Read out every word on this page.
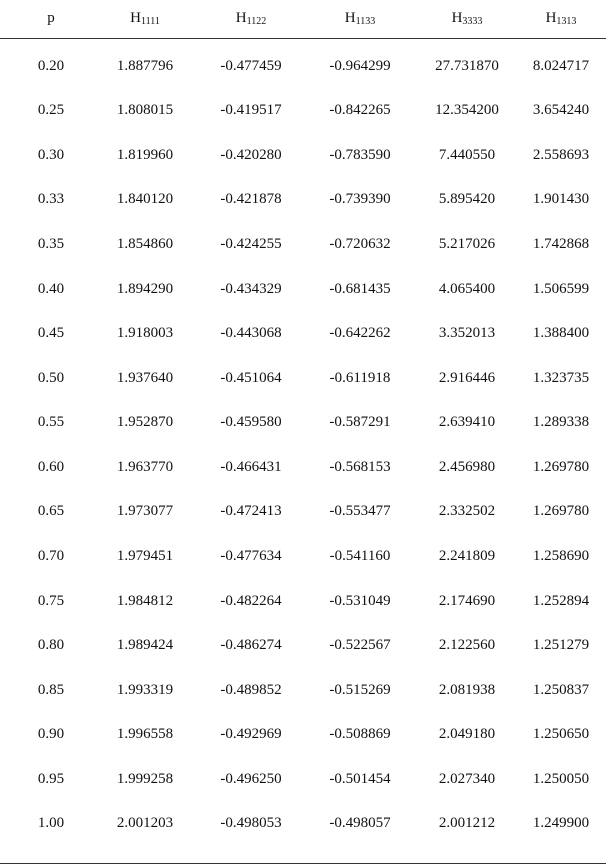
p	H1111	H1122	H1133	H3333	H1313
0.20	1.887796	-0.477459	-0.964299	27.731870	8.024717
0.25	1.808015	-0.419517	-0.842265	12.354200	3.654240
0.30	1.819960	-0.420280	-0.783590	7.440550	2.558693
0.33	1.840120	-0.421878	-0.739390	5.895420	1.901430
0.35	1.854860	-0.424255	-0.720632	5.217026	1.742868
0.40	1.894290	-0.434329	-0.681435	4.065400	1.506599
0.45	1.918003	-0.443068	-0.642262	3.352013	1.388400
0.50	1.937640	-0.451064	-0.611918	2.916446	1.323735
0.55	1.952870	-0.459580	-0.587291	2.639410	1.289338
0.60	1.963770	-0.466431	-0.568153	2.456980	1.269780
0.65	1.973077	-0.472413	-0.553477	2.332502	1.269780
0.70	1.979451	-0.477634	-0.541160	2.241809	1.258690
0.75	1.984812	-0.482264	-0.531049	2.174690	1.252894
0.80	1.989424	-0.486274	-0.522567	2.122560	1.251279
0.85	1.993319	-0.489852	-0.515269	2.081938	1.250837
0.90	1.996558	-0.492969	-0.508869	2.049180	1.250650
0.95	1.999258	-0.496250	-0.501454	2.027340	1.250050
1.00	2.001203	-0.498053	-0.498057	2.001212	1.249900
